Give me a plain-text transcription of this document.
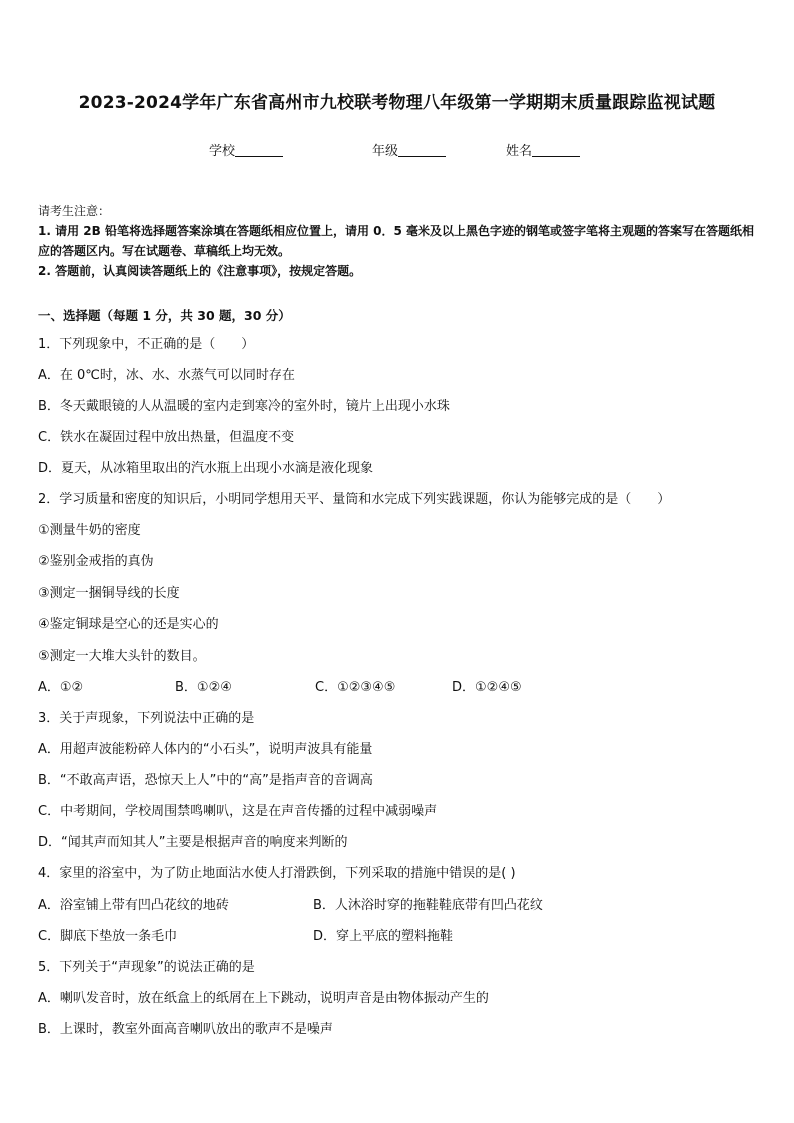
2023-2024学年广东省高州市九校联考物理八年级第一学期期末质量跟踪监视试题
学校	年级	姓名
请考生注意：
1. 请用 2B 铅笔将选择题答案涂填在答题纸相应位置上，请用 0．5 毫米及以上黑色字迹的钢笔或签字笔将主观题的答案写在答题纸相应的答题区内。写在试题卷、草稿纸上均无效。
2. 答题前，认真阅读答题纸上的《注意事项》，按规定答题。
一、选择题（每题 1 分，共 30 题，30 分）
1．下列现象中，不正确的是（　　）
A．在 0℃时，冰、水、水蒸气可以同时存在
B．冬天戴眼镜的人从温暖的室内走到寒冷的室外时，镜片上出现小水珠
C．铁水在凝固过程中放出热量，但温度不变
D．夏天，从冰箱里取出的汽水瓶上出现小水滴是液化现象
2．学习质量和密度的知识后，小明同学想用天平、量筒和水完成下列实践课题，你认为能够完成的是（　　）
①测量牛奶的密度
②鉴别金戒指的真伪
③测定一捆铜导线的长度
④鉴定铜球是空心的还是实心的
⑤测定一大堆大头针的数目。
A．①②	B．①②④	C．①②③④⑤	D．①②④⑤
3．关于声现象，下列说法中正确的是
A．用超声波能粉碎人体内的“小石头”，说明声波具有能量
B．“不敢高声语，恐惊天上人”中的“高”是指声音的音调高
C．中考期间，学校周围禁鸣喇叭，这是在声音传播的过程中减弱噪声
D．“闻其声而知其人”主要是根据声音的响度来判断的
4．家里的浴室中，为了防止地面沾水使人打滑跌倒，下列采取的措施中错误的是( )
A．浴室铺上带有凹凸花纹的地砖	B．人沐浴时穿的拖鞋鞋底带有凹凸花纹
C．脚底下垫放一条毛巾	D．穿上平底的塑料拖鞋
5．下列关于“声现象”的说法正确的是
A．喇叭发音时，放在纸盒上的纸屑在上下跳动，说明声音是由物体振动产生的
B．上课时，教室外面高音喇叭放出的歌声不是噪声
